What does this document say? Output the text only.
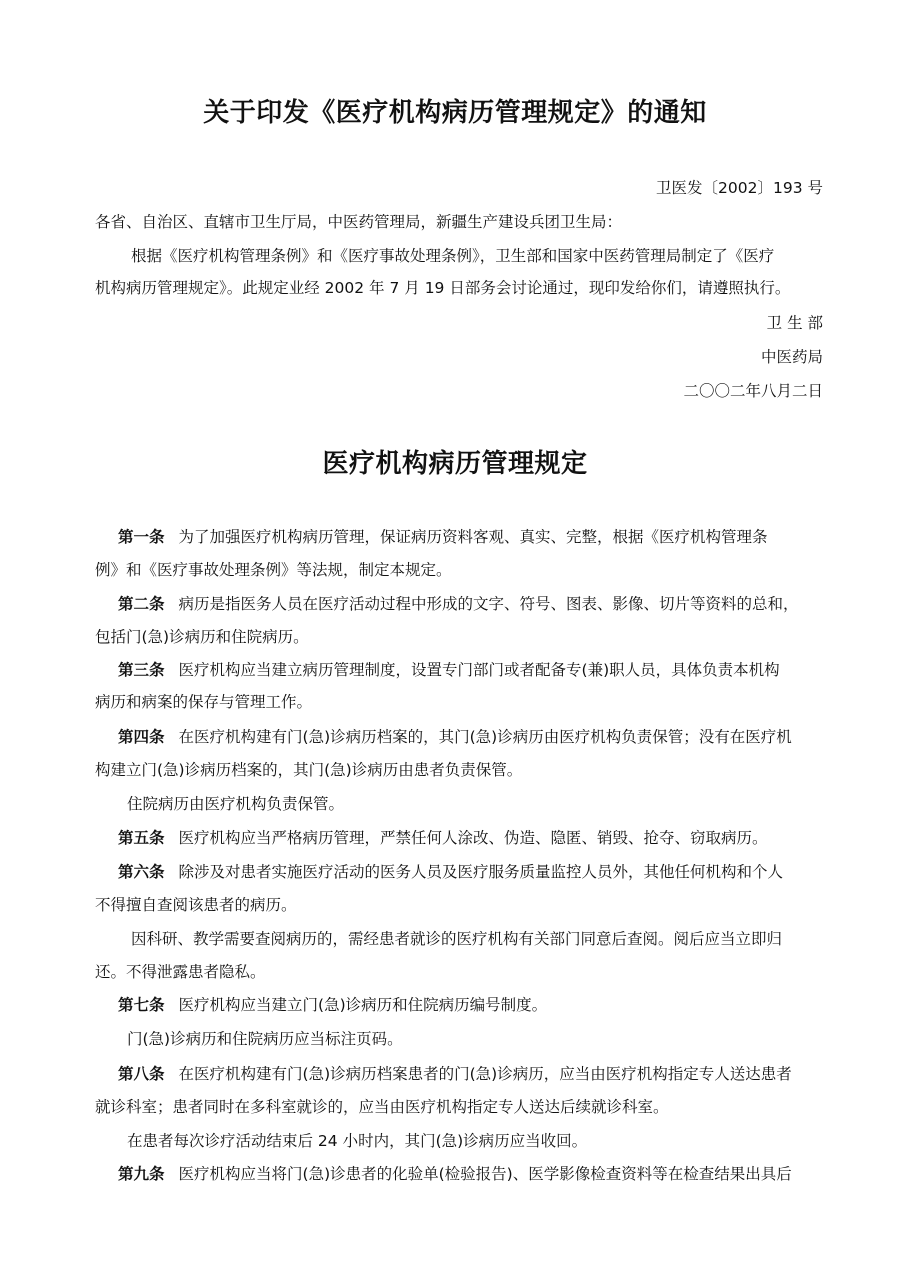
关于印发《医疗机构病历管理规定》的通知
卫医发〔2002〕193 号
各省、自治区、直辖市卫生厅局，中医药管理局，新疆生产建设兵团卫生局：
根据《医疗机构管理条例》和《医疗事故处理条例》，卫生部和国家中医药管理局制定了《医疗
机构病历管理规定》。此规定业经 2002 年 7 月 19 日部务会讨论通过，现印发给你们，请遵照执行。
卫 生 部
中医药局
二〇〇二年八月二日
医疗机构病历管理规定
第一条 为了加强医疗机构病历管理，保证病历资料客观、真实、完整，根据《医疗机构管理条
例》和《医疗事故处理条例》等法规，制定本规定。
第二条 病历是指医务人员在医疗活动过程中形成的文字、符号、图表、影像、切片等资料的总和，
包括门(急)诊病历和住院病历。
第三条 医疗机构应当建立病历管理制度，设置专门部门或者配备专(兼)职人员，具体负责本机构
病历和病案的保存与管理工作。
第四条 在医疗机构建有门(急)诊病历档案的，其门(急)诊病历由医疗机构负责保管；没有在医疗机
构建立门(急)诊病历档案的，其门(急)诊病历由患者负责保管。
住院病历由医疗机构负责保管。
第五条 医疗机构应当严格病历管理，严禁任何人涂改、伪造、隐匿、销毁、抢夺、窃取病历。
第六条 除涉及对患者实施医疗活动的医务人员及医疗服务质量监控人员外，其他任何机构和个人
不得擅自查阅该患者的病历。
因科研、教学需要查阅病历的，需经患者就诊的医疗机构有关部门同意后查阅。阅后应当立即归
还。不得泄露患者隐私。
第七条 医疗机构应当建立门(急)诊病历和住院病历编号制度。
门(急)诊病历和住院病历应当标注页码。
第八条 在医疗机构建有门(急)诊病历档案患者的门(急)诊病历，应当由医疗机构指定专人送达患者
就诊科室；患者同时在多科室就诊的，应当由医疗机构指定专人送达后续就诊科室。
在患者每次诊疗活动结束后 24 小时内，其门(急)诊病历应当收回。
第九条 医疗机构应当将门(急)诊患者的化验单(检验报告)、医学影像检查资料等在检查结果出具后
